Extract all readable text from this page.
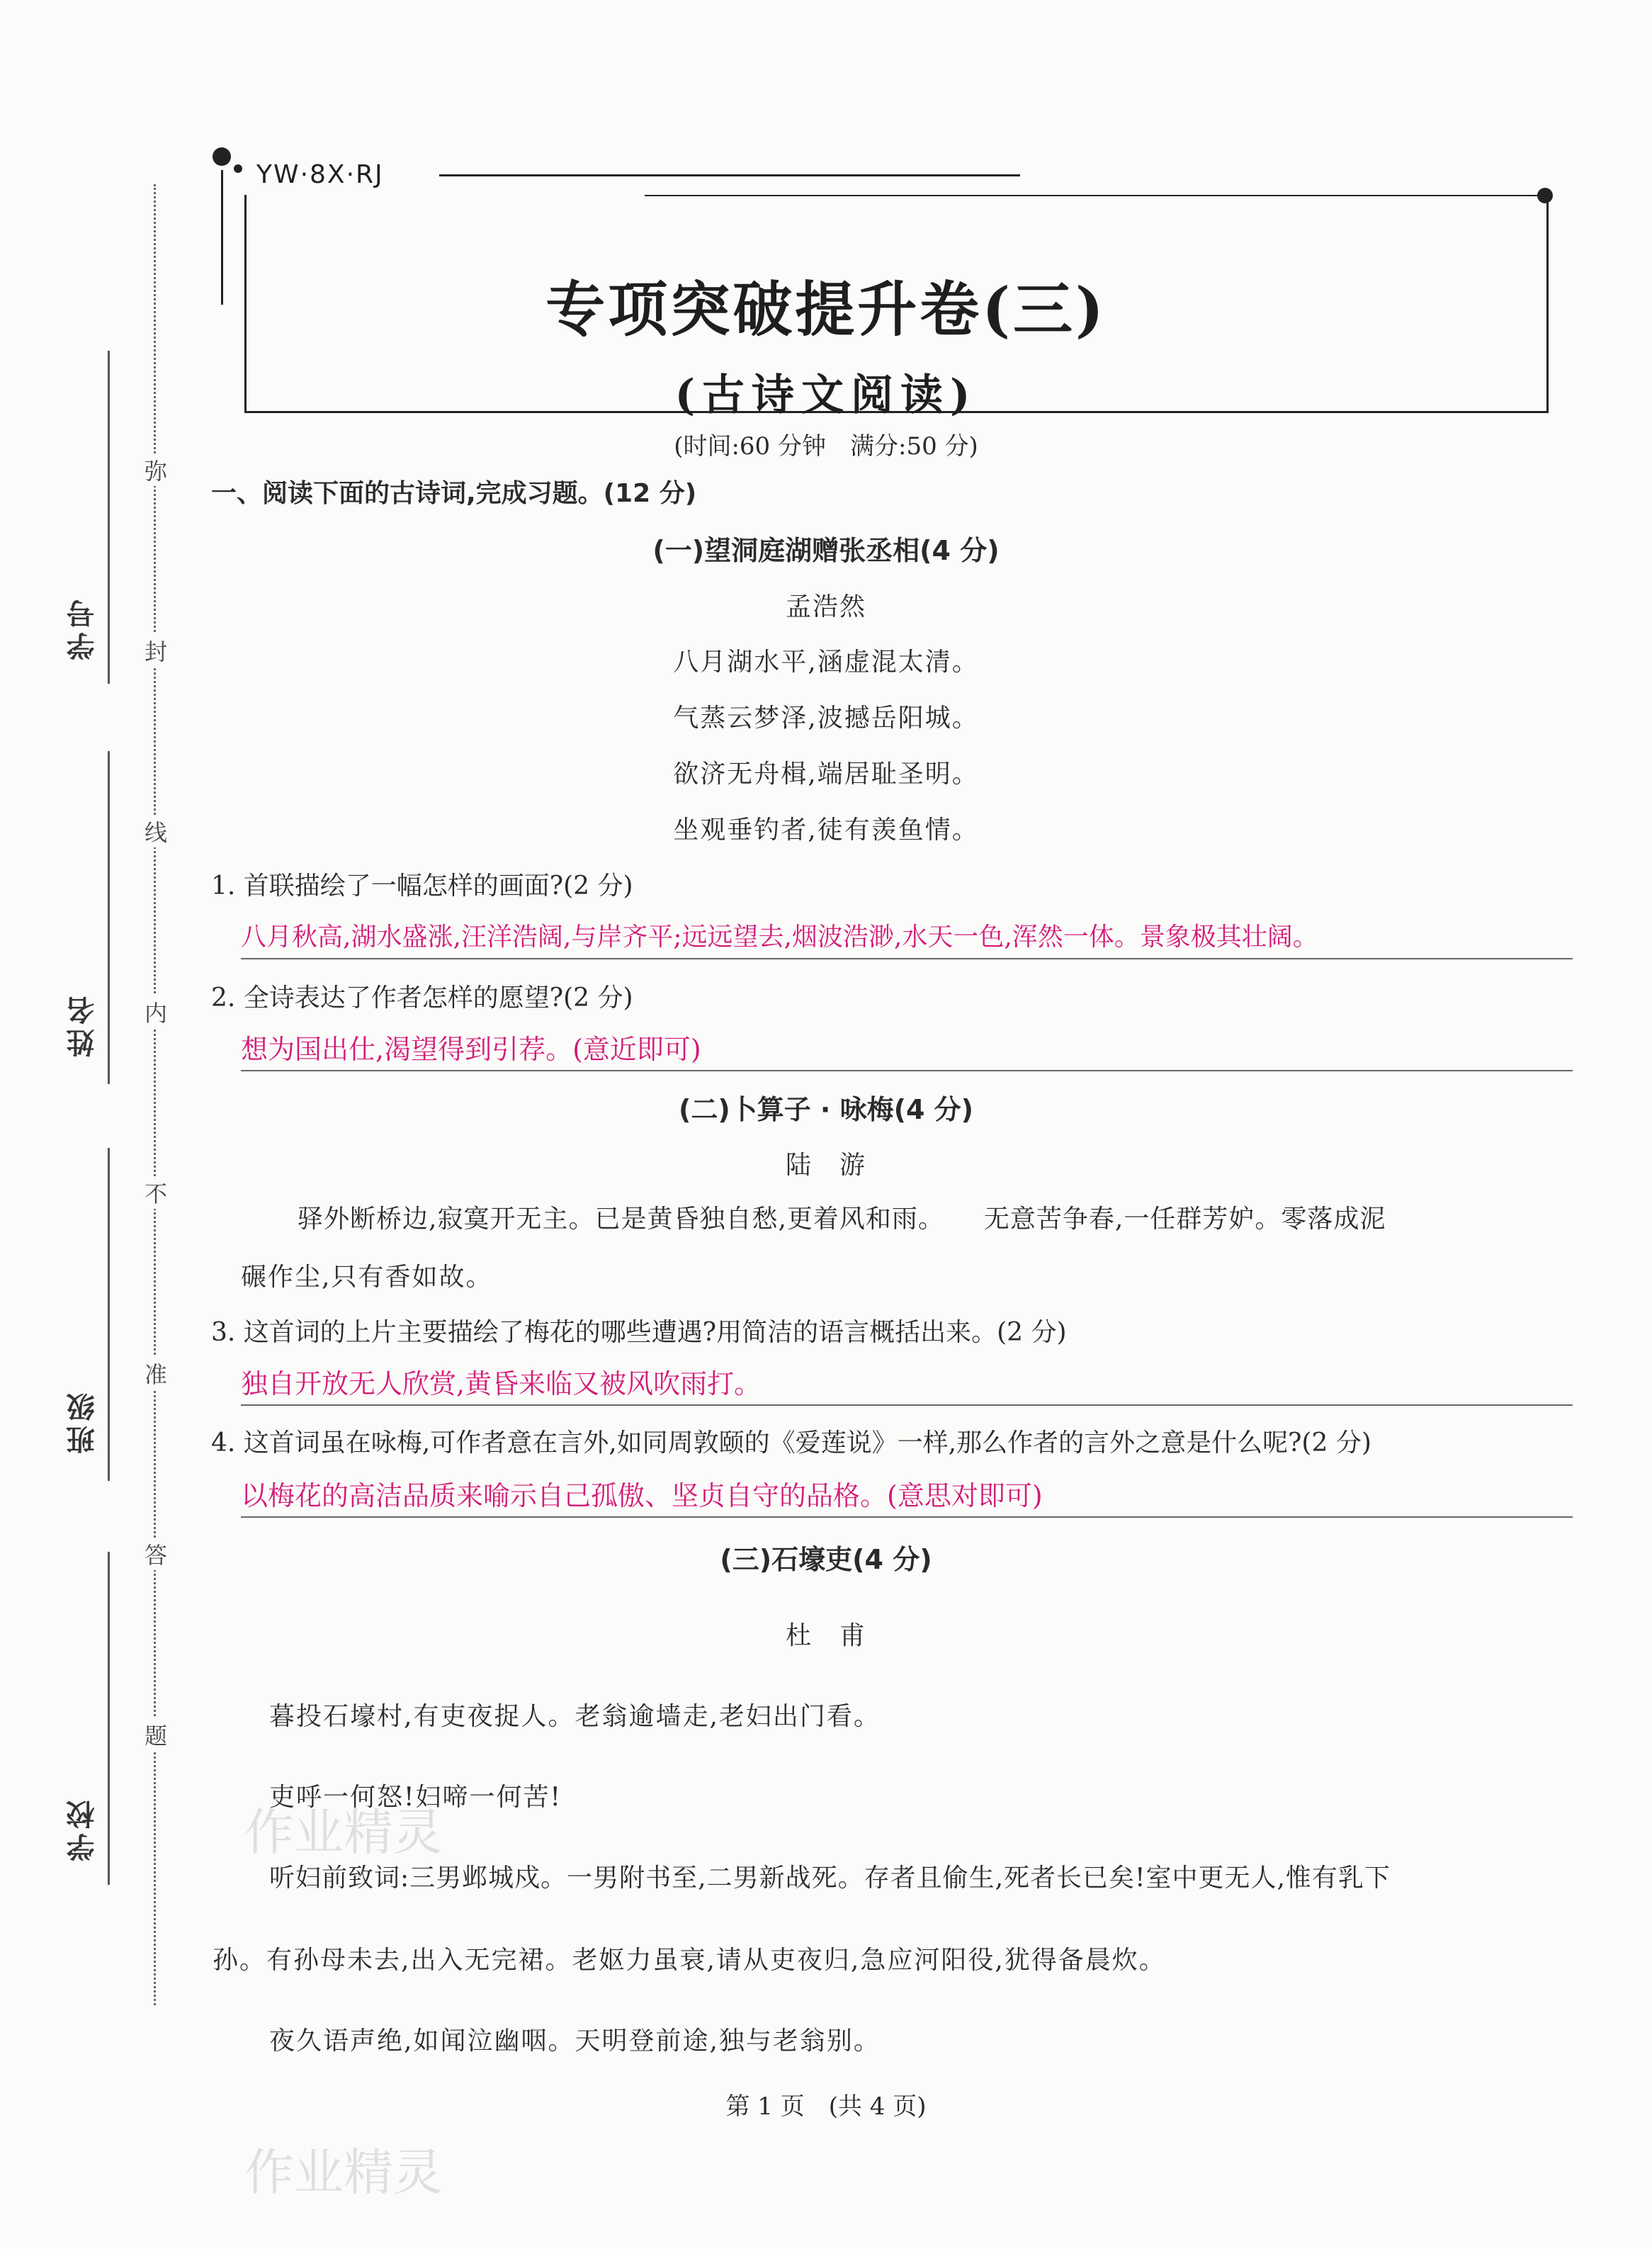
学号
姓名
班级
学校
弥
封
线
内
不
准
答
题
YW·8X·RJ
专项突破提升卷(三)
(古诗文阅读)
(时间:60 分钟　满分:50 分)
一、阅读下面的古诗词,完成习题。(12 分)
(一)望洞庭湖赠张丞相(4 分)
孟浩然
八月湖水平,涵虚混太清。
气蒸云梦泽,波撼岳阳城。
欲济无舟楫,端居耻圣明。
坐观垂钓者,徒有羡鱼情。
1. 首联描绘了一幅怎样的画面?(2 分)
八月秋高,湖水盛涨,汪洋浩阔,与岸齐平;远远望去,烟波浩渺,水天一色,浑然一体。景象极其壮阔。
2. 全诗表达了作者怎样的愿望?(2 分)
想为国出仕,渴望得到引荐。(意近即可)
(二)卜算子 · 咏梅(4 分)
陆　游
驿外断桥边,寂寞开无主。已是黄昏独自愁,更着风和雨。　　无意苦争春,一任群芳妒。零落成泥
碾作尘,只有香如故。
3. 这首词的上片主要描绘了梅花的哪些遭遇?用简洁的语言概括出来。(2 分)
独自开放无人欣赏,黄昏来临又被风吹雨打。
4. 这首词虽在咏梅,可作者意在言外,如同周敦颐的《爱莲说》一样,那么作者的言外之意是什么呢?(2 分)
以梅花的高洁品质来喻示自己孤傲、坚贞自守的品格。(意思对即可)
(三)石壕吏(4 分)
杜　甫
暮投石壕村,有吏夜捉人。老翁逾墙走,老妇出门看。
吏呼一何怒!妇啼一何苦!
听妇前致词:三男邺城戍。一男附书至,二男新战死。存者且偷生,死者长已矣!室中更无人,惟有乳下
孙。有孙母未去,出入无完裙。老妪力虽衰,请从吏夜归,急应河阳役,犹得备晨炊。
夜久语声绝,如闻泣幽咽。天明登前途,独与老翁别。
第 1 页　(共 4 页)
作业精灵
作业精灵
